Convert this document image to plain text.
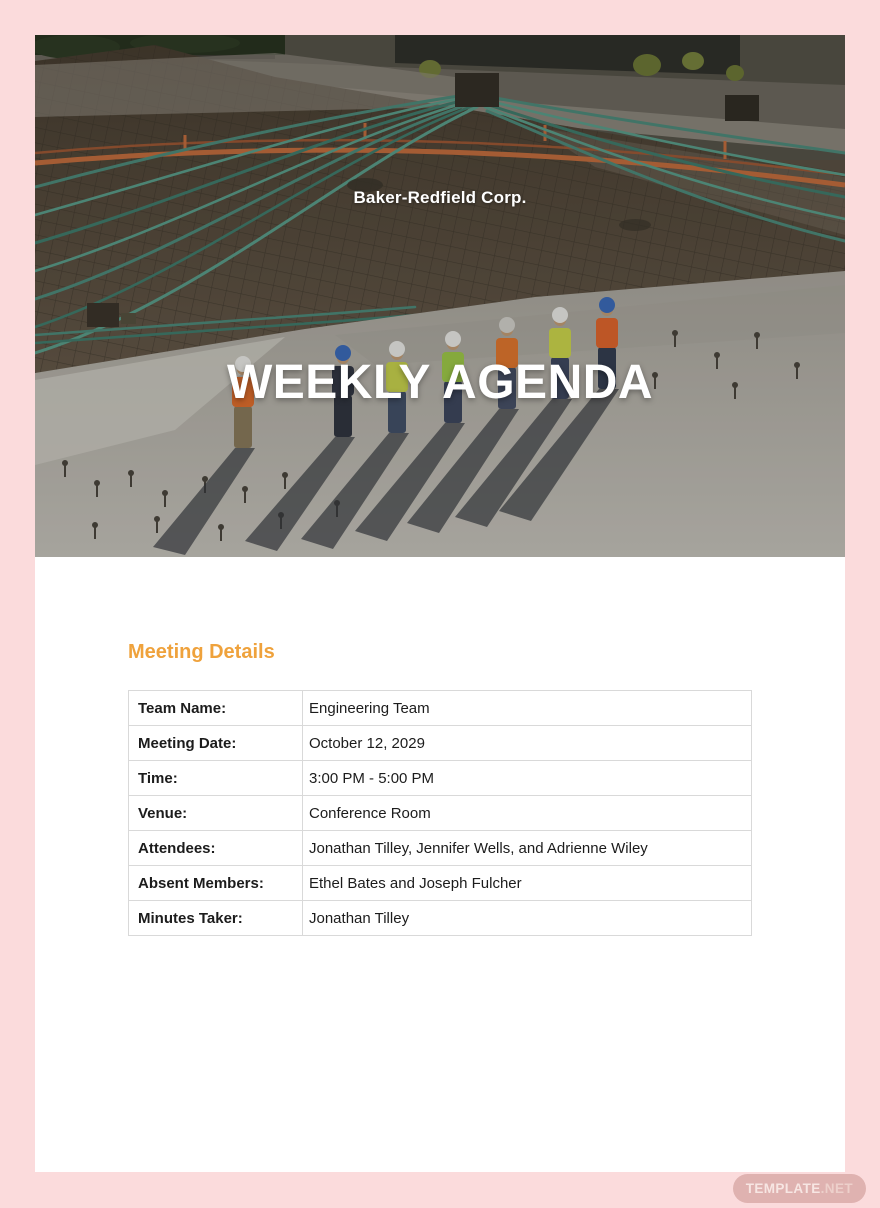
Baker-Redfield Corp.
WEEKLY AGENDA
Meeting Details
Team Name:	Engineering Team
Meeting Date:	October 12, 2029
Time:	3:00 PM - 5:00 PM
Venue:	Conference Room
Attendees:	Jonathan Tilley, Jennifer Wells, and Adrienne Wiley
Absent Members:	Ethel Bates and Joseph Fulcher
Minutes Taker:	Jonathan Tilley
TEMPLATE .NET
